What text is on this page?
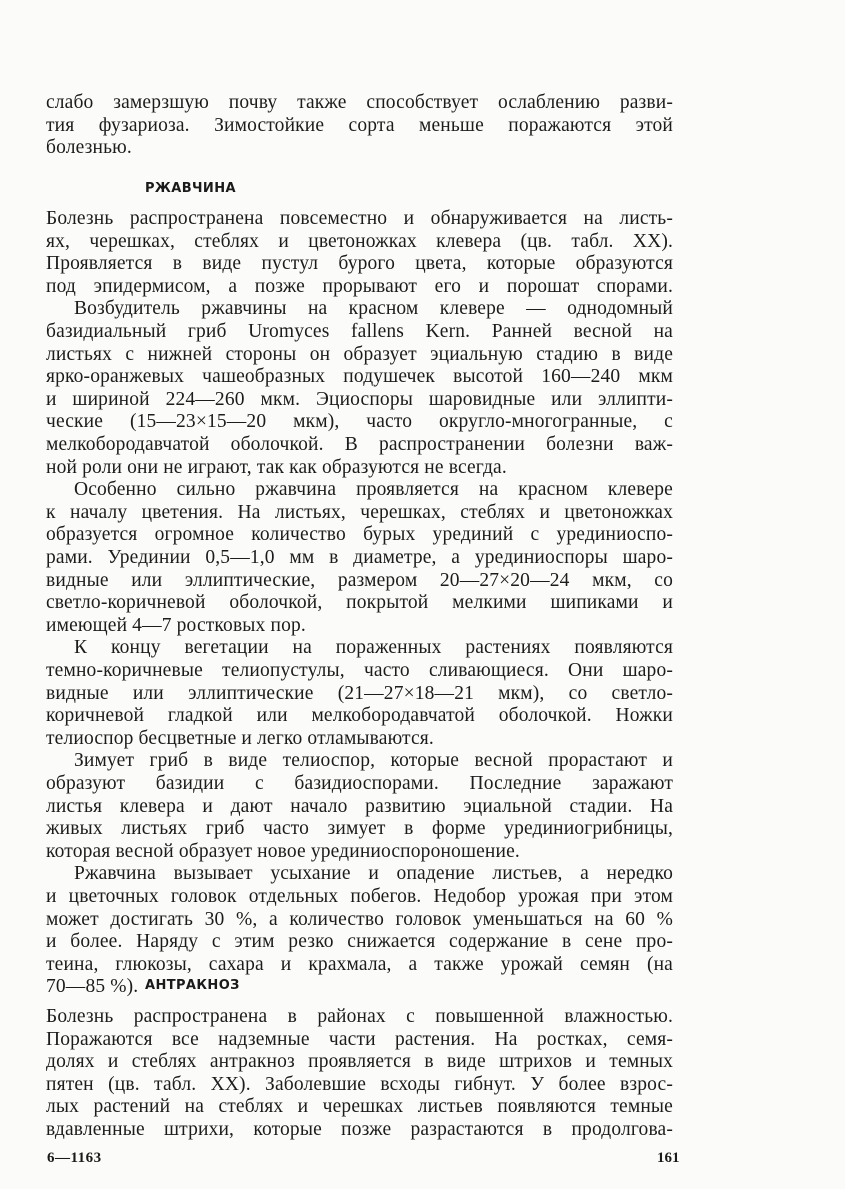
слабо замерзшую почву также способствует ослаблению разви-
тия фузариоза. Зимостойкие сорта меньше поражаются этой
болезнью.
РЖАВЧИНА
Болезнь распространена повсеместно и обнаруживается на листь-
ях, черешках, стеблях и цветоножках клевера (цв. табл. XX).
Проявляется в виде пустул бурого цвета, которые образуются
под эпидермисом, а позже прорывают его и порошат спорами.
Возбудитель ржавчины на красном клевере — однодомный
базидиальный гриб Uromyces fallens Kern. Ранней весной на
листьях с нижней стороны он образует эциальную стадию в виде
ярко-оранжевых чашеобразных подушечек высотой 160—240 мкм
и шириной 224—260 мкм. Эциоспоры шаровидные или эллипти-
ческие (15—23×15—20 мкм), часто округло-многогранные, с
мелкобородавчатой оболочкой. В распространении болезни важ-
ной роли они не играют, так как образуются не всегда.
Особенно сильно ржавчина проявляется на красном клевере
к началу цветения. На листьях, черешках, стеблях и цветоножках
образуется огромное количество бурых урединий с урединиоспо-
рами. Урединии 0,5—1,0 мм в диаметре, а урединиоспоры шаро-
видные или эллиптические, размером 20—27×20—24 мкм, со
светло-коричневой оболочкой, покрытой мелкими шипиками и
имеющей 4—7 ростковых пор.
К концу вегетации на пораженных растениях появляются
темно-коричневые телиопустулы, часто сливающиеся. Они шаро-
видные или эллиптические (21—27×18—21 мкм), со светло-
коричневой гладкой или мелкобородавчатой оболочкой. Ножки
телиоспор бесцветные и легко отламываются.
Зимует гриб в виде телиоспор, которые весной прорастают и
образуют базидии с базидиоспорами. Последние заражают
листья клевера и дают начало развитию эциальной стадии. На
живых листьях гриб часто зимует в форме урединиогрибницы,
которая весной образует новое урединиоспороношение.
Ржавчина вызывает усыхание и опадение листьев, а нередко
и цветочных головок отдельных побегов. Недобор урожая при этом
может достигать 30 %, а количество головок уменьшаться на 60 %
и более. Наряду с этим резко снижается содержание в сене про-
теина, глюкозы, сахара и крахмала, а также урожай семян (на
70—85 %). АНТРАКНОЗ
Болезнь распространена в районах с повышенной влажностью.
Поражаются все надземные части растения. На ростках, семя-
долях и стеблях антракноз проявляется в виде штрихов и темных
пятен (цв. табл. XX). Заболевшие всходы гибнут. У более взрос-
лых растений на стеблях и черешках листьев появляются темные
вдавленные штрихи, которые позже разрастаются в продолгова-
6—1163	161
